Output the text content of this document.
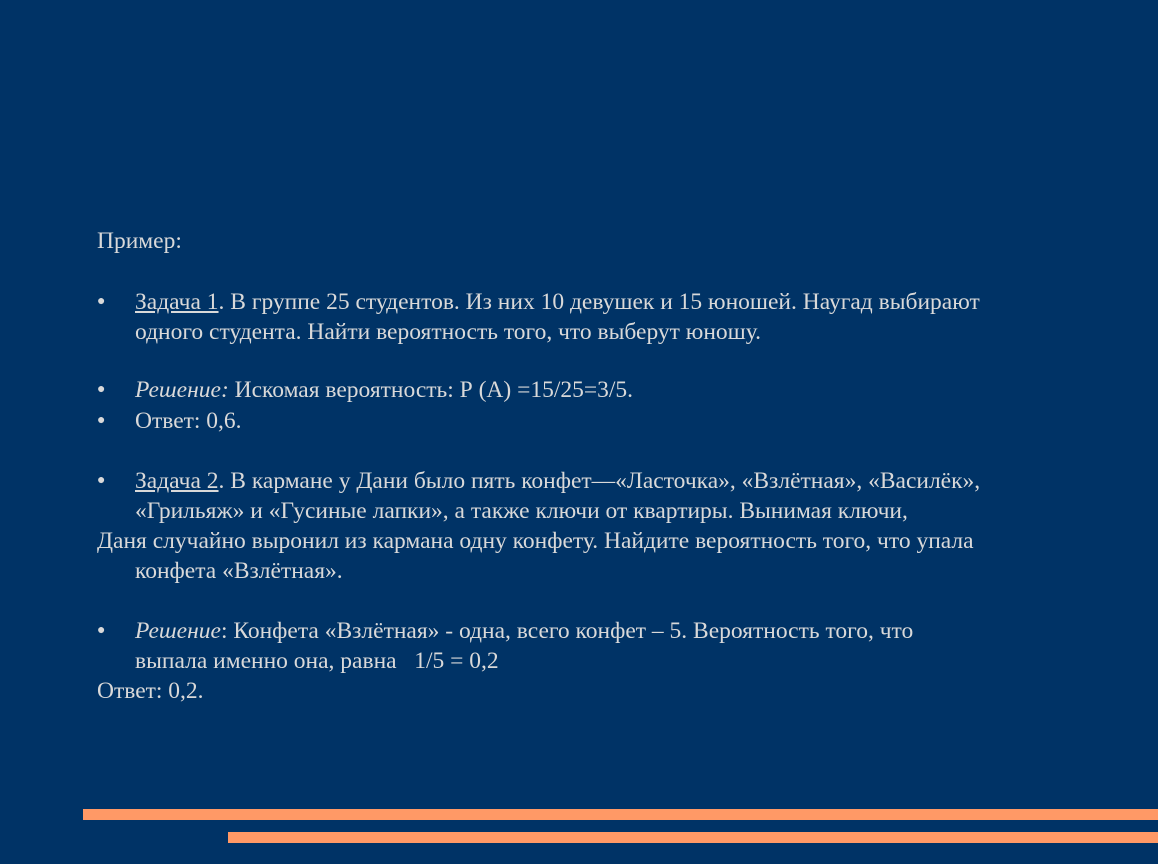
Пример:
● Задача 1. В группе 25 студентов. Из них 10 девушек и 15 юношей. Наугад выбирают
одного студента. Найти вероятность того, что выберут юношу.
● Решение: Искомая вероятность: Р (А) =15/25=3/5.
● Ответ: 0,6.
● Задача 2. В кармане у Дани было пять конфет—«Ласточка», «Взлётная», «Василёк»,
«Грильяж» и «Гусиные лапки», а также ключи от квартиры. Вынимая ключи,
Даня случайно выронил из кармана одну конфету. Найдите вероятность того, что упала
конфета «Взлётная».
● Решение: Конфета «Взлётная» - одна, всего конфет – 5. Вероятность того, что
выпала именно она, равна   1/5 = 0,2
Ответ: 0,2.
